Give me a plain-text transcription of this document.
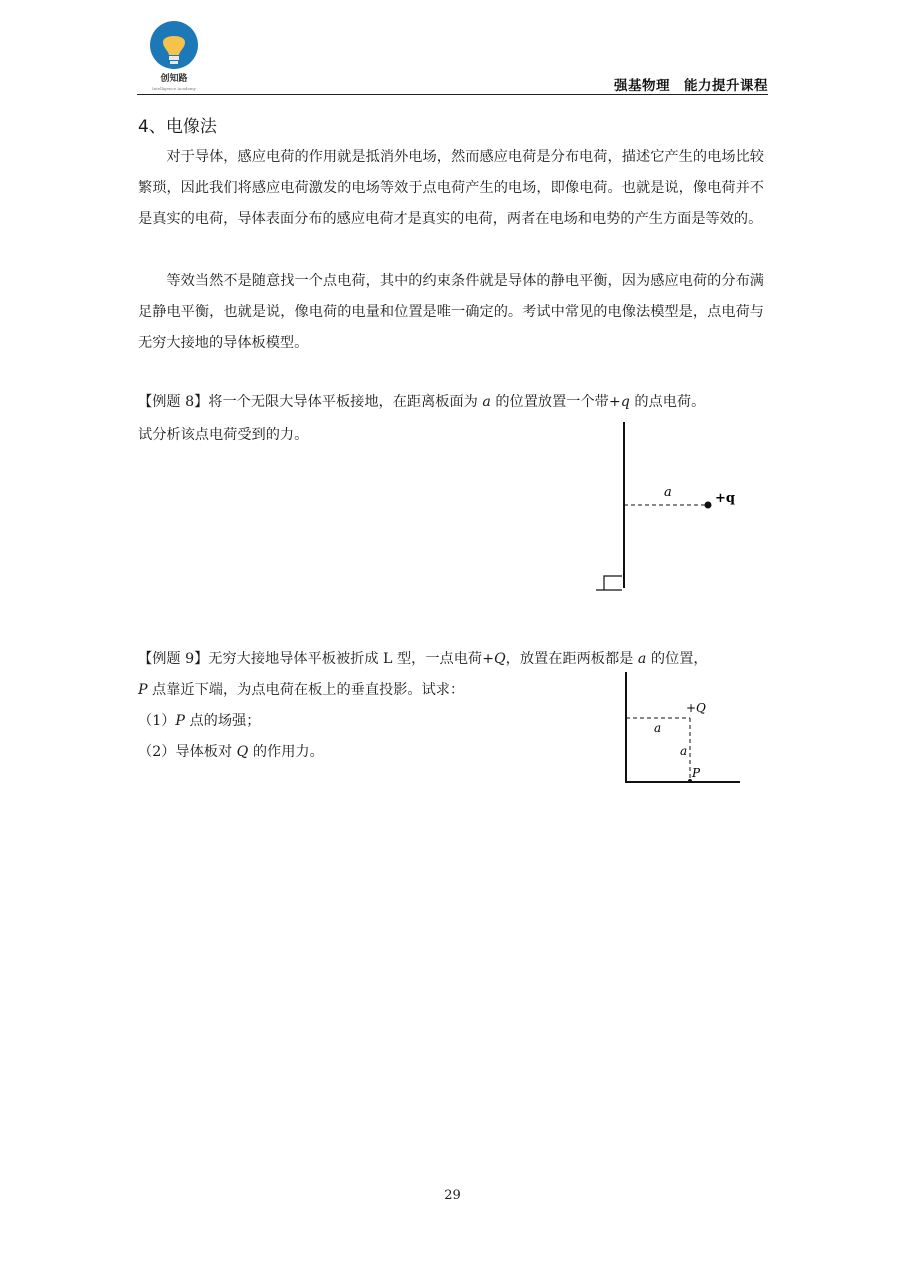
创知路
Intelligence Academy	强基物理 能力提升课程
4、电像法

对于导体，感应电荷的作用就是抵消外电场，然而感应电荷是分布电荷，描述它产生的电场比较繁琐，因此我们将感应电荷激发的电场等效于点电荷产生的电场，即像电荷。也就是说，像电荷并不是真实的电荷，导体表面分布的感应电荷才是真实的电荷，两者在电场和电势的产生方面是等效的。

等效当然不是随意找一个点电荷，其中的约束条件就是导体的静电平衡，因为感应电荷的分布满足静电平衡，也就是说，像电荷的电量和位置是唯一确定的。考试中常见的电像法模型是，点电荷与无穷大接地的导体板模型。

【例题 8】将一个无限大导体平板接地，在距离板面为 a 的位置放置一个带+q 的点电荷。

试分析该点电荷受到的力。

a	+q

【例题 9】无穷大接地导体平板被折成 L 型，一点电荷+Q，放置在距两板都是 a 的位置，

P 点靠近下端，为点电荷在板上的垂直投影。试求：

（1）P 点的场强；

（2）导体板对 Q 的作用力。

+Q
a
a
P
29
